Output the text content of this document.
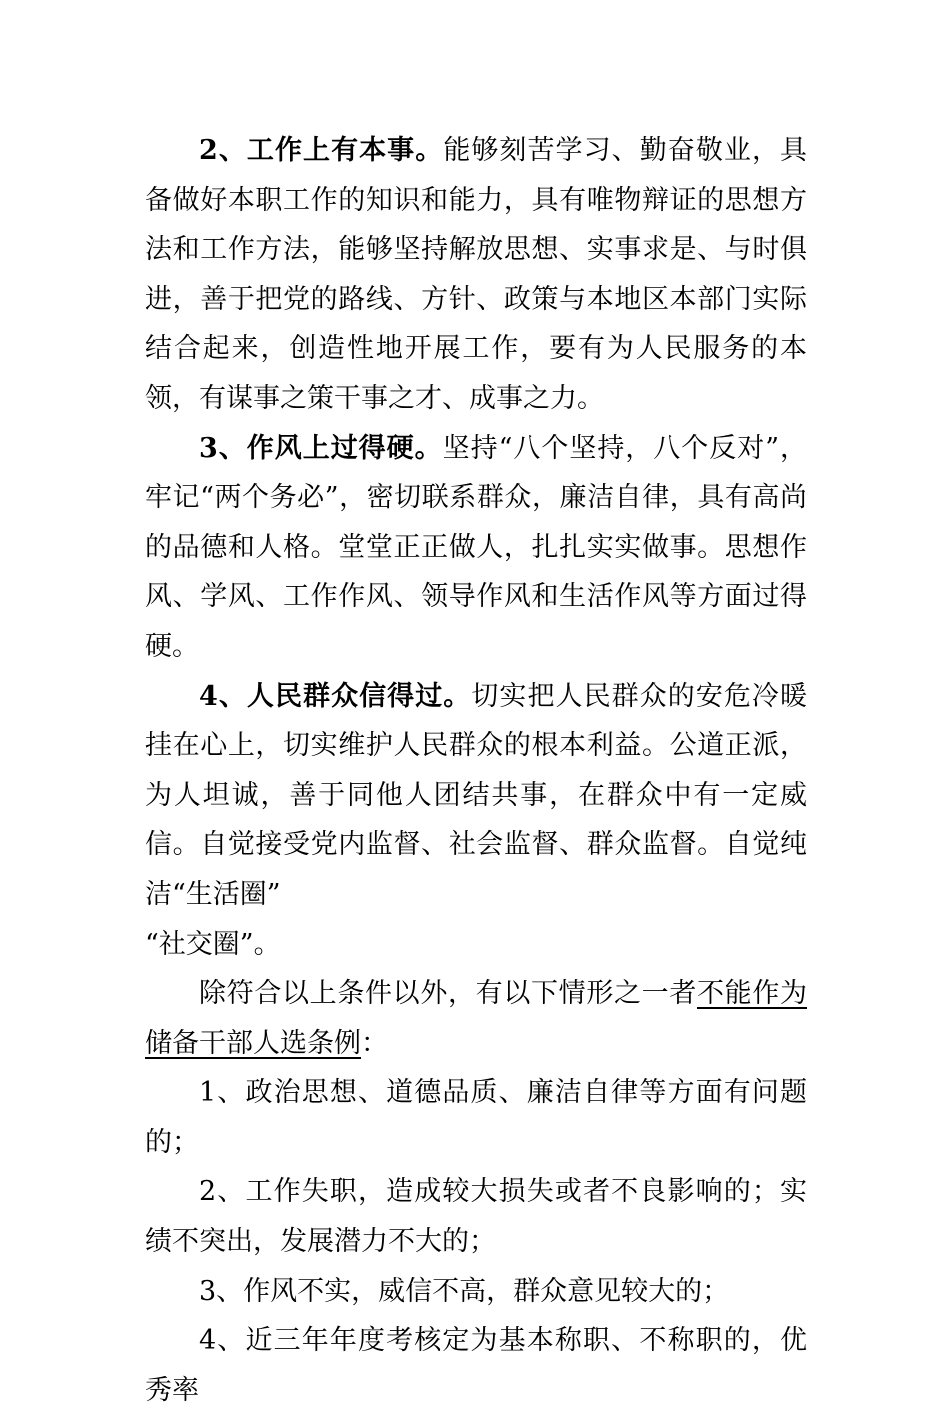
2、工作上有本事。能够刻苦学习、勤奋敬业，具备做好本职工作的知识和能力，具有唯物辩证的思想方法和工作方法，能够坚持解放思想、实事求是、与时俱进，善于把党的路线、方针、政策与本地区本部门实际结合起来，创造性地开展工作，要有为人民服务的本领，有谋事之策干事之才、成事之力。

3、作风上过得硬。坚持“八个坚持，八个反对”，牢记“两个务必”，密切联系群众，廉洁自律，具有高尚的品德和人格。堂堂正正做人，扎扎实实做事。思想作风、学风、工作作风、领导作风和生活作风等方面过得硬。

4、人民群众信得过。切实把人民群众的安危冷暖挂在心上，切实维护人民群众的根本利益。公道正派，为人坦诚，善于同他人团结共事，在群众中有一定威信。自觉接受党内监督、社会监督、群众监督。自觉纯洁“生活圈”

“社交圈”。

除符合以上条件以外，有以下情形之一者不能作为储备干部人选条例：

1、政治思想、道德品质、廉洁自律等方面有问题的；

2、工作失职，造成较大损失或者不良影响的；实绩不突出，发展潜力不大的；

3、作风不实，威信不高，群众意见较大的；

4、近三年年度考核定为基本称职、不称职的，优秀率
